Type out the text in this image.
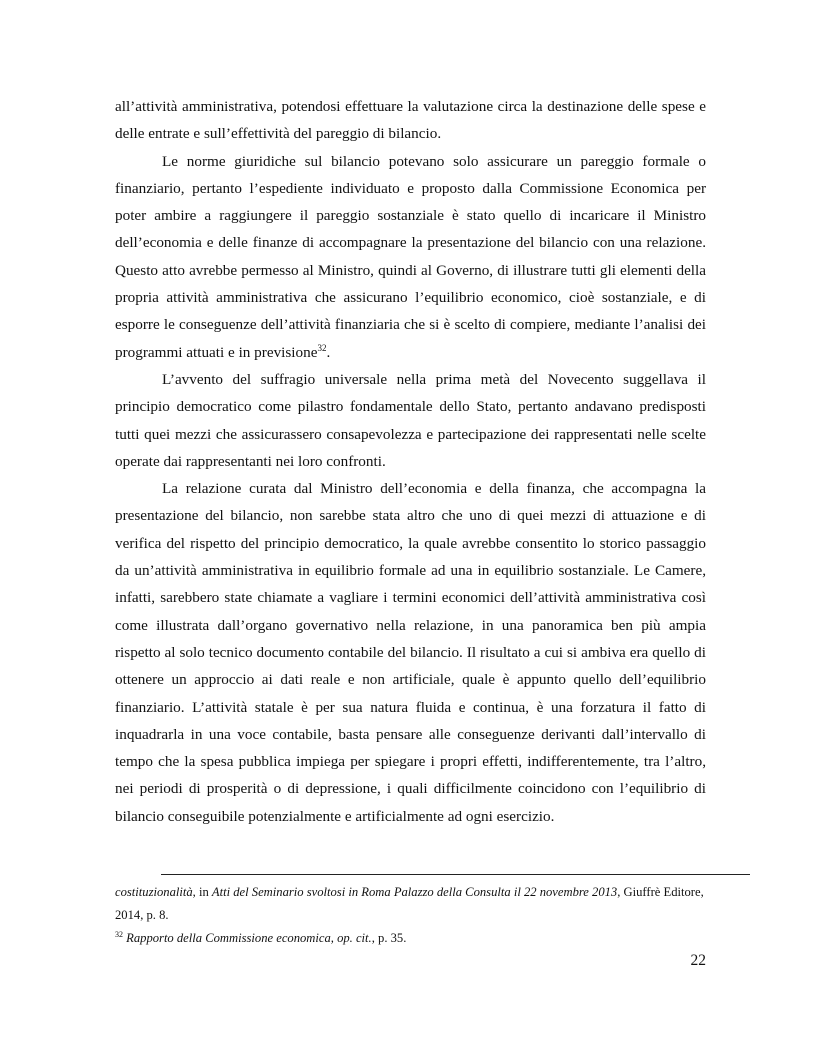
all’attività amministrativa, potendosi effettuare la valutazione circa la destinazione delle spese e delle entrate e sull’effettività del pareggio di bilancio.

Le norme giuridiche sul bilancio potevano solo assicurare un pareggio formale o finanziario, pertanto l’espediente individuato e proposto dalla Commissione Economica per poter ambire a raggiungere il pareggio sostanziale è stato quello di incaricare il Ministro dell’economia e delle finanze di accompagnare la presentazione del bilancio con una relazione. Questo atto avrebbe permesso al Ministro, quindi al Governo, di illustrare tutti gli elementi della propria attività amministrativa che assicurano l’equilibrio economico, cioè sostanziale, e di esporre le conseguenze dell’attività finanziaria che si è scelto di compiere, mediante l’analisi dei programmi attuati e in previsione$^{32}$.

L’avvento del suffragio universale nella prima metà del Novecento suggellava il principio democratico come pilastro fondamentale dello Stato, pertanto andavano predisposti tutti quei mezzi che assicurassero consapevolezza e partecipazione dei rappresentati nelle scelte operate dai rappresentanti nei loro confronti.

La relazione curata dal Ministro dell’economia e della finanza, che accompagna la presentazione del bilancio, non sarebbe stata altro che uno di quei mezzi di attuazione e di verifica del rispetto del principio democratico, la quale avrebbe consentito lo storico passaggio da un’attività amministrativa in equilibrio formale ad una in equilibrio sostanziale. Le Camere, infatti, sarebbero state chiamate a vagliare i termini economici dell’attività amministrativa così come illustrata dall’organo governativo nella relazione, in una panoramica ben più ampia rispetto al solo tecnico documento contabile del bilancio. Il risultato a cui si ambiva era quello di ottenere un approccio ai dati reale e non artificiale, quale è appunto quello dell’equilibrio finanziario. L’attività statale è per sua natura fluida e continua, è una forzatura il fatto di inquadrarla in una voce contabile, basta pensare alle conseguenze derivanti dall’intervallo di tempo che la spesa pubblica impiega per spiegare i propri effetti, indifferentemente, tra l’altro, nei periodi di prosperità o di depressione, i quali difficilmente coincidono con l’equilibrio di bilancio conseguibile potenzialmente e artificialmente ad ogni esercizio.

costituzionalità, in Atti del Seminario svoltosi in Roma Palazzo della Consulta il 22 novembre 2013, Giuffrè Editore, 2014, p. 8.

$^{32}$ Rapporto della Commissione economica, op. cit., p. 35.

22
